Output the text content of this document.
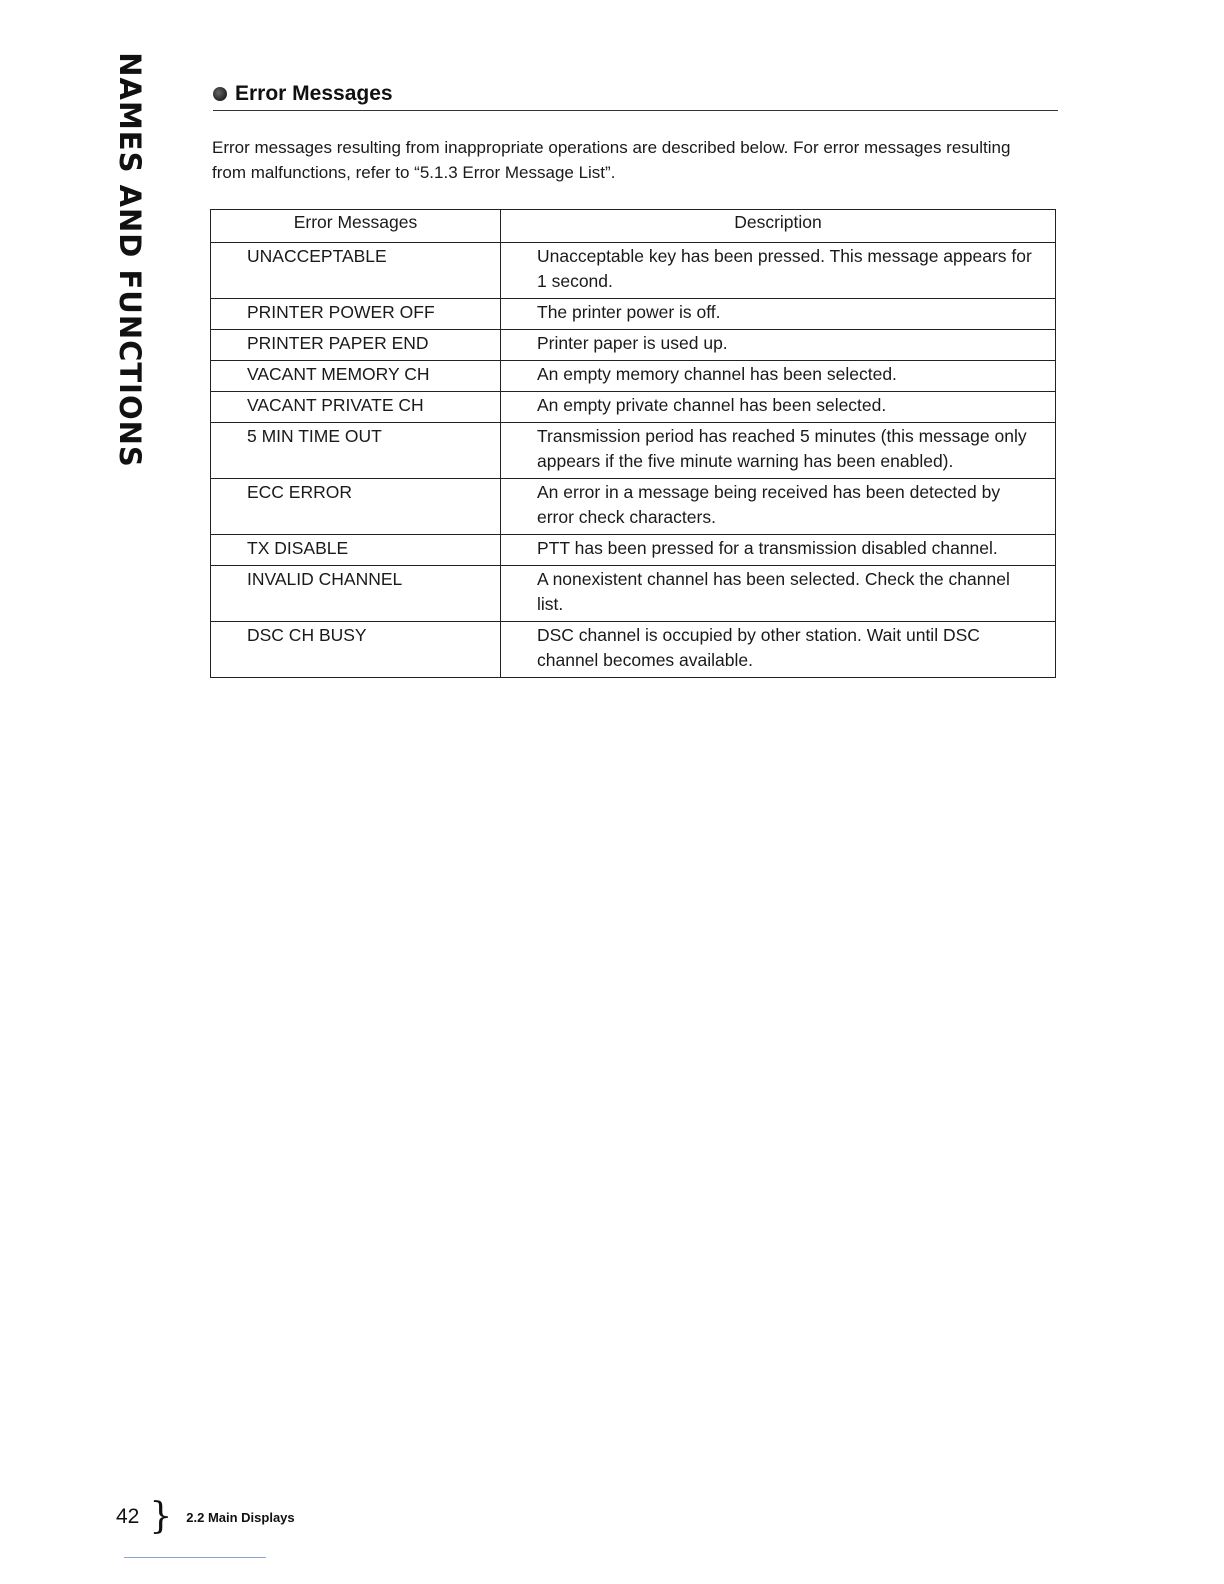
NAMES AND FUNCTIONS	Error Messages

Error messages resulting from inappropriate operations are described below. For error messages resulting from malfunctions, refer to “5.1.3 Error Message List”.

Error Messages	Description
UNACCEPTABLE	Unacceptable key has been pressed. This message appears for 1 second.
PRINTER POWER OFF	The printer power is off.
PRINTER PAPER END	Printer paper is used up.
VACANT MEMORY CH	An empty memory channel has been selected.
VACANT PRIVATE CH	An empty private channel has been selected.
5 MIN TIME OUT	Transmission period has reached 5 minutes (this message only appears if the five minute warning has been enabled).
ECC ERROR	An error in a message being received has been detected by error check characters.
TX DISABLE	PTT has been pressed for a transmission disabled channel.
INVALID CHANNEL	A nonexistent channel has been selected. Check the channel list.
DSC CH BUSY	DSC channel is occupied by other station. Wait until DSC channel becomes available.
42 } 2.2 Main Displays
